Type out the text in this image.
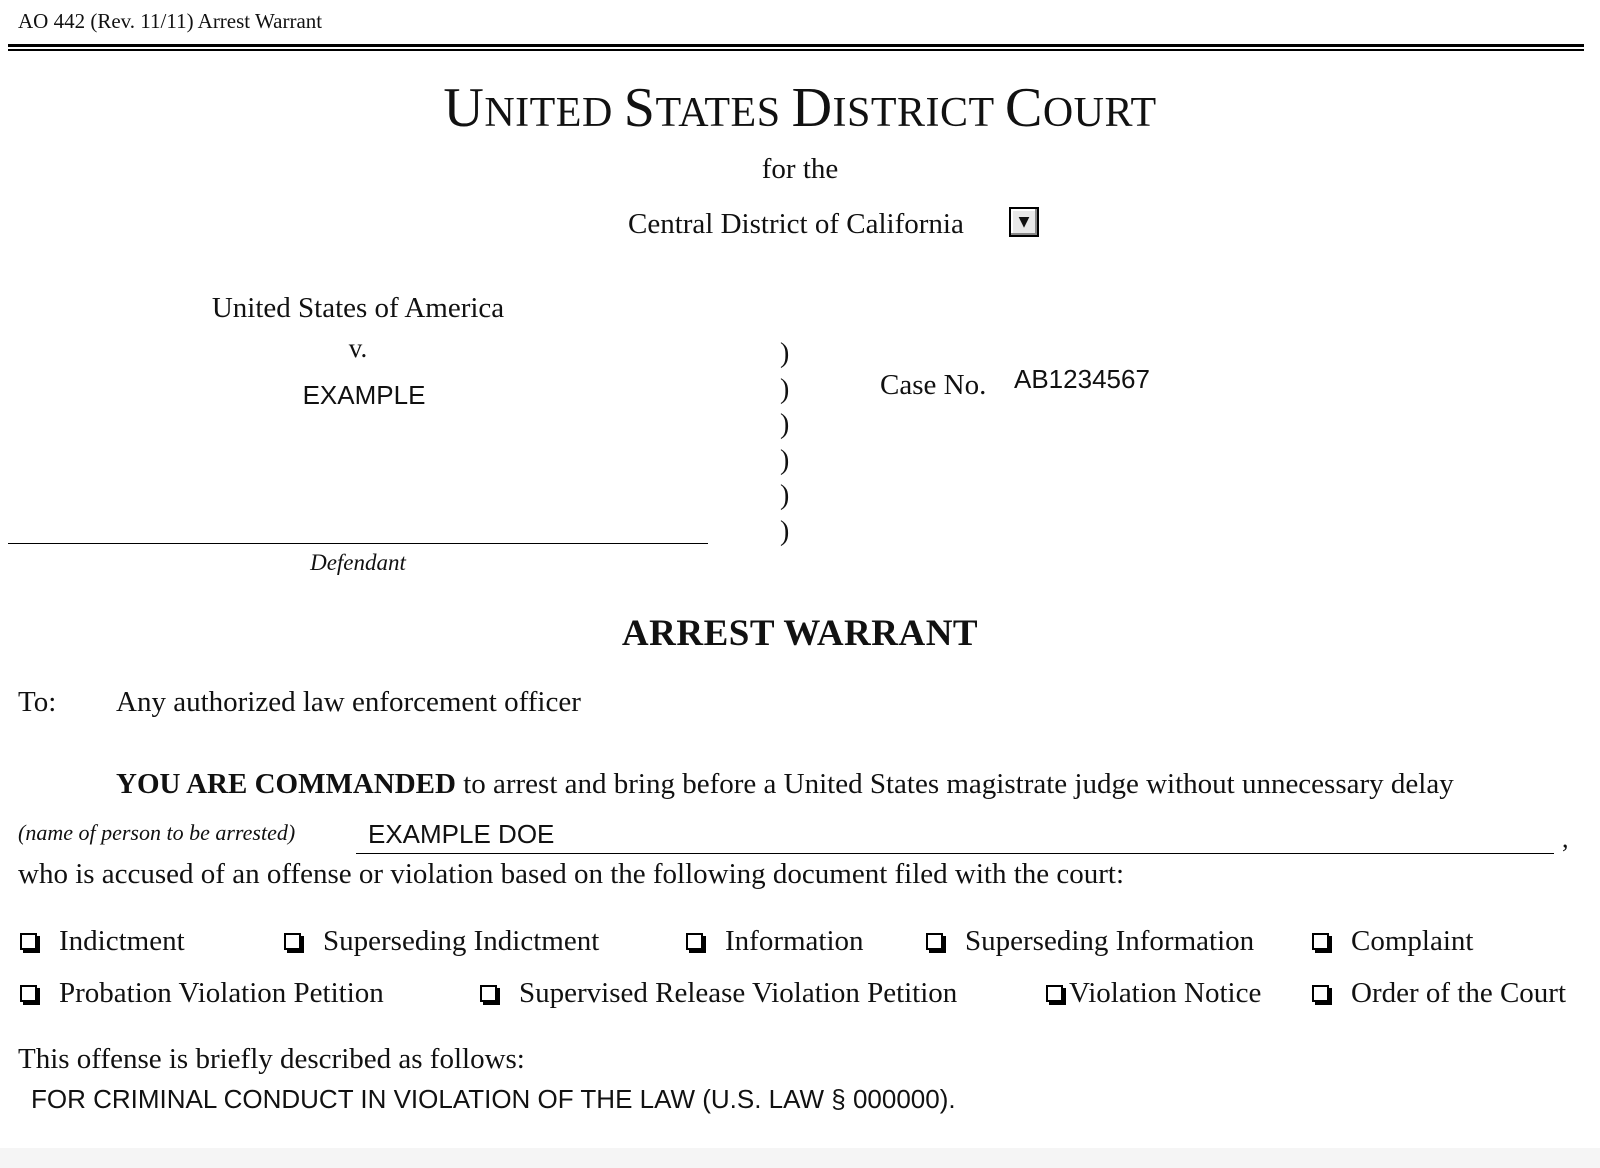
AO 442 (Rev. 11/11) Arrest Warrant
UNITED STATES DISTRICT COURT
for the
Central District of California	▼
United States of America
v.
EXAMPLE
Defendant
)
)
)
)
)
)
Case No. AB1234567
ARREST WARRANT
To: Any authorized law enforcement officer
YOU ARE COMMANDED to arrest and bring before a United States magistrate judge without unnecessary delay
(name of person to be arrested)
EXAMPLE DOE	,
who is accused of an offense or violation based on the following document filed with the court:
Indictment	Superseding Indictment	Information	Superseding Information	Complaint
Probation Violation Petition	Supervised Release Violation Petition	Violation Notice	Order of the Court
This offense is briefly described as follows:
FOR CRIMINAL CONDUCT IN VIOLATION OF THE LAW (U.S. LAW § 000000).
